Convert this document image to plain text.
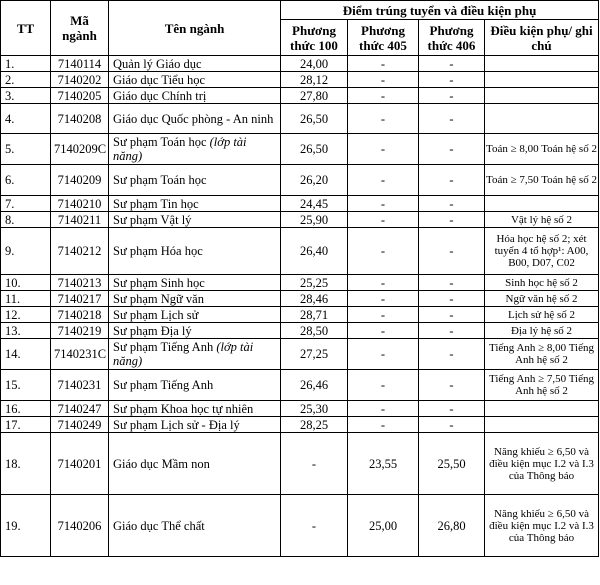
TT	Mã ngành	Tên ngành	Điểm trúng tuyển và điều kiện phụ			
			Phương thức 100	Phương thức 405	Phương thức 406	Điều kiện phụ/ ghi chú
1.	7140114	Quản lý Giáo dục	24,00	-	-	
2.	7140202	Giáo dục Tiểu học	28,12	-	-	
3.	7140205	Giáo dục Chính trị	27,80	-	-	
4.	7140208	Giáo dục Quốc phòng - An ninh	26,50	-	-	
5.	7140209C	Sư phạm Toán học (lớp tài năng)	26,50	-	-	Toán ≥ 8,00 Toán hệ số 2
6.	7140209	Sư phạm Toán học	26,20	-	-	Toán ≥ 7,50 Toán hệ số 2
7.	7140210	Sư phạm Tin học	24,45	-	-	
8.	7140211	Sư phạm Vật lý	25,90	-	-	Vật lý hệ số 2
9.	7140212	Sư phạm Hóa học	26,40	-	-	Hóa học hệ số 2; xét tuyển 4 tổ hợp¹: A00, B00, D07, C02
10.	7140213	Sư phạm Sinh học	25,25	-	-	Sinh học hệ số 2
11.	7140217	Sư phạm Ngữ văn	28,46	-	-	Ngữ văn hệ số 2
12.	7140218	Sư phạm Lịch sử	28,71	-	-	Lịch sử hệ số 2
13.	7140219	Sư phạm Địa lý	28,50	-	-	Địa lý hệ số 2
14.	7140231C	Sư phạm Tiếng Anh (lớp tài năng)	27,25	-	-	Tiếng Anh ≥ 8,00 Tiếng Anh hệ số 2
15.	7140231	Sư phạm Tiếng Anh	26,46	-	-	Tiếng Anh ≥ 7,50 Tiếng Anh hệ số 2
16.	7140247	Sư phạm Khoa học tự nhiên	25,30	-	-	
17.	7140249	Sư phạm Lịch sử - Địa lý	28,25	-	-	
18.	7140201	Giáo dục Mầm non	-	23,55	25,50	Năng khiếu ≥ 6,50 và điều kiện mục I.2 và I.3 của Thông báo
19.	7140206	Giáo dục Thể chất	-	25,00	26,80	Năng khiếu ≥ 6,50 và điều kiện mục I.2 và I.3 của Thông báo
